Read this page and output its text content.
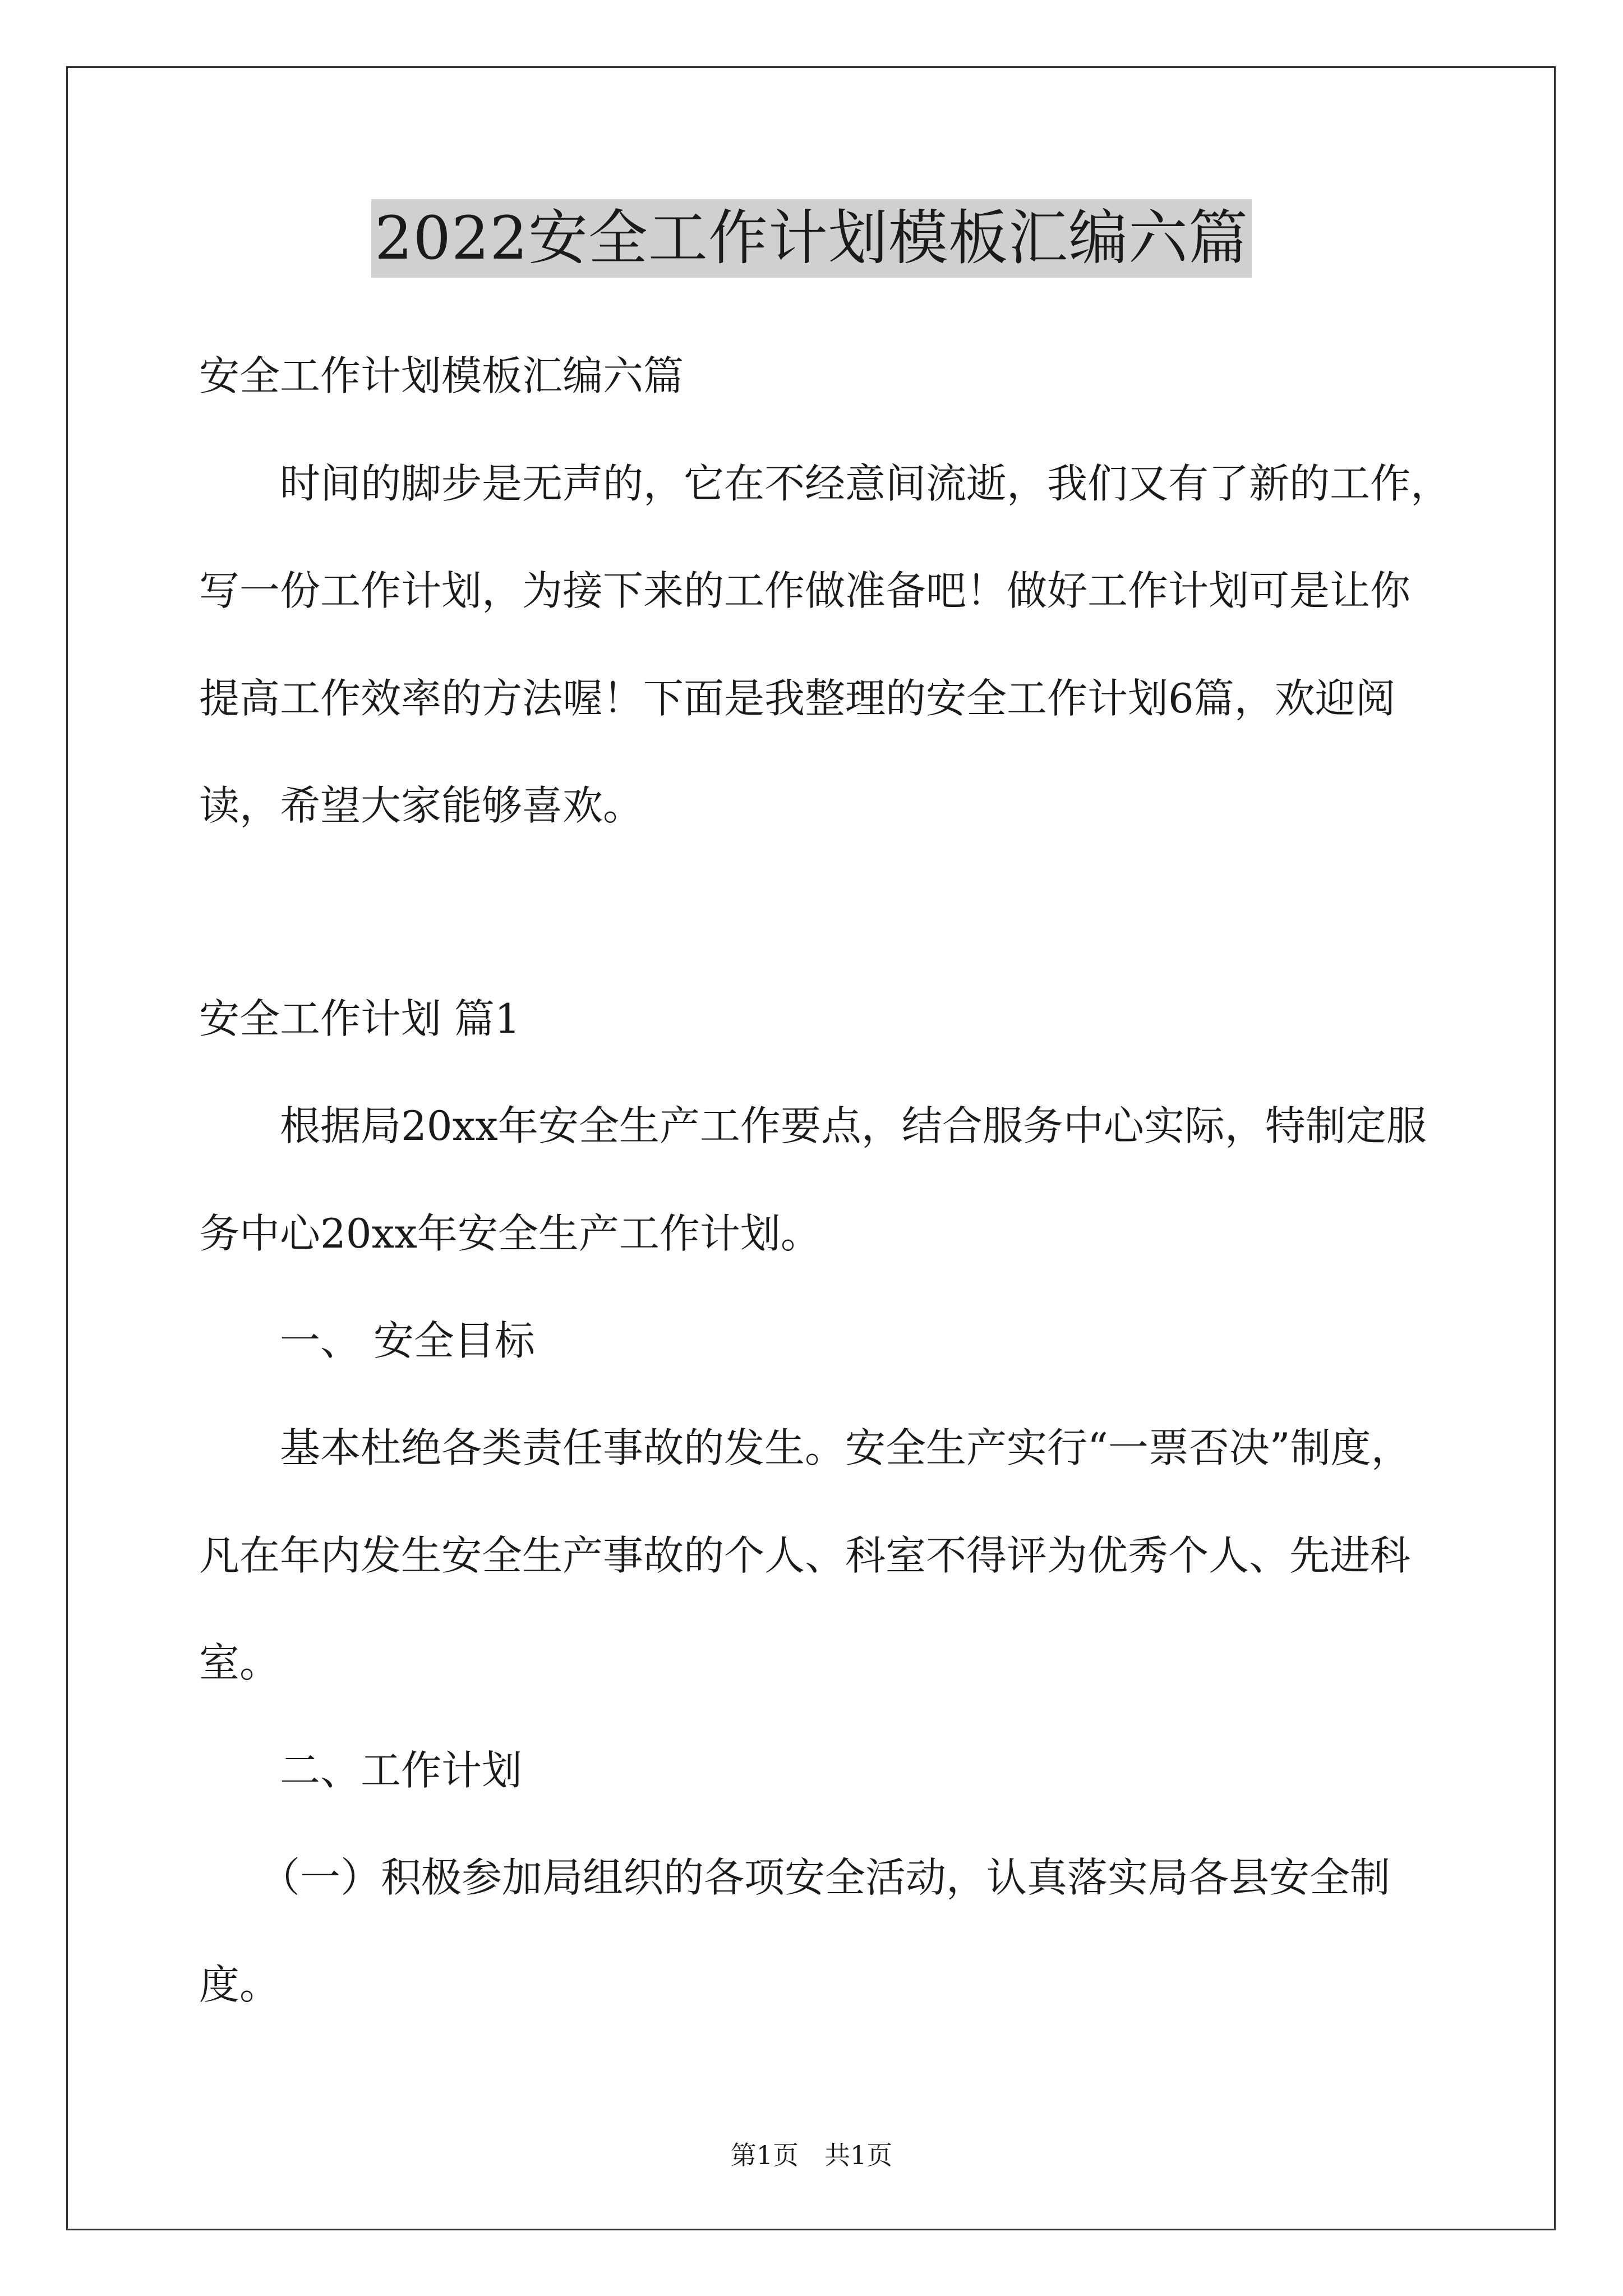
2022安全工作计划模板汇编六篇
安全工作计划模板汇编六篇
　　时间的脚步是无声的，它在不经意间流逝，我们又有了新的工作，
写一份工作计划，为接下来的工作做准备吧！做好工作计划可是让你
提高工作效率的方法喔！下面是我整理的安全工作计划6篇，欢迎阅
读，希望大家能够喜欢。
安全工作计划 篇1
　　根据局20xx年安全生产工作要点，结合服务中心实际，特制定服
务中心20xx年安全生产工作计划。
　　一、 安全目标
　　基本杜绝各类责任事故的发生。安全生产实行“一票否决”制度，
凡在年内发生安全生产事故的个人、科室不得评为优秀个人、先进科
室。
　　二、工作计划
　　（一）积极参加局组织的各项安全活动，认真落实局各县安全制
度。
第1页　共1页
